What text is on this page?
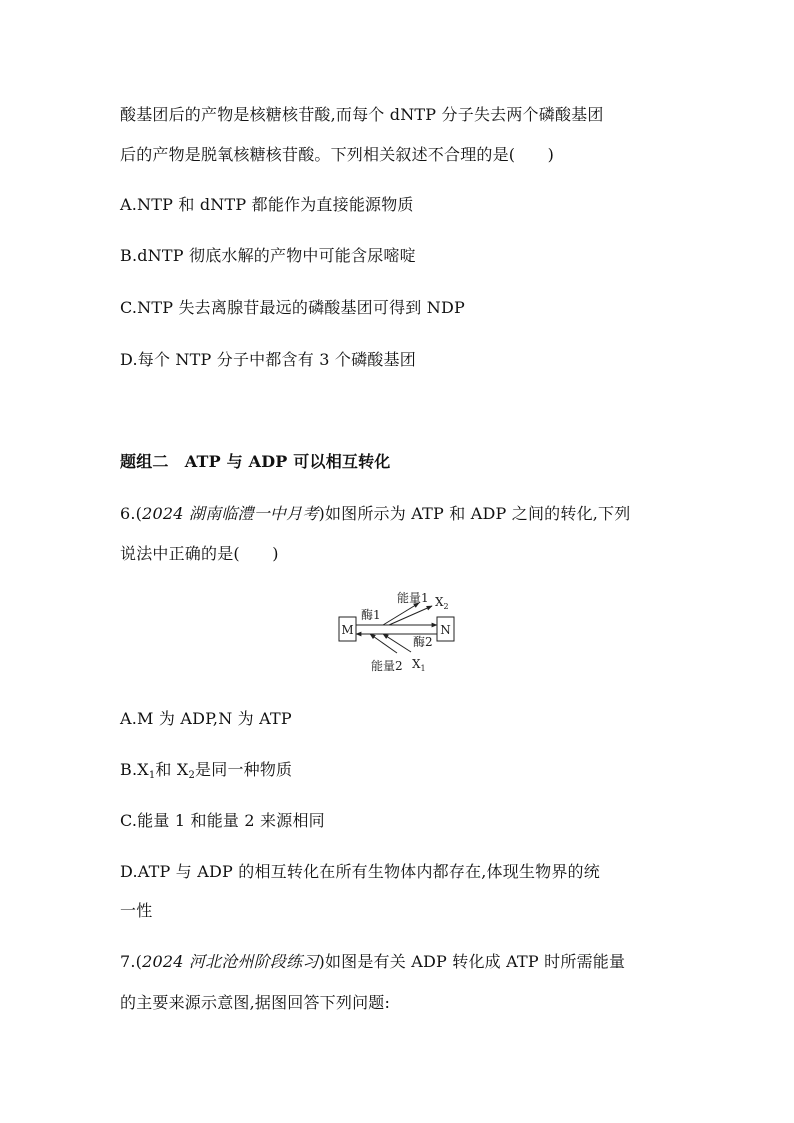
酸基团后的产物是核糖核苷酸,而每个 dNTP 分子失去两个磷酸基团
后的产物是脱氧核糖核苷酸。下列相关叙述不合理的是(　　)
A.NTP 和 dNTP 都能作为直接能源物质
B.dNTP 彻底水解的产物中可能含尿嘧啶
C.NTP 失去离腺苷最远的磷酸基团可得到 NDP
D.每个 NTP 分子中都含有 3 个磷酸基团
题组二　ATP 与 ADP 可以相互转化
6.(2024 湖南临澧一中月考)如图所示为 ATP 和 ADP 之间的转化,下列
说法中正确的是(　　)
M	N
能量1 $X_2$
酶1
酶2
能量2 $X_1$
A.M 为 ADP,N 为 ATP
$B.X_1$和 $X_2$是同一种物质
C.能量 1 和能量 2 来源相同
D.ATP 与 ADP 的相互转化在所有生物体内都存在,体现生物界的统
一性
7.(2024 河北沧州阶段练习)如图是有关 ADP 转化成 ATP 时所需能量
的主要来源示意图,据图回答下列问题:
